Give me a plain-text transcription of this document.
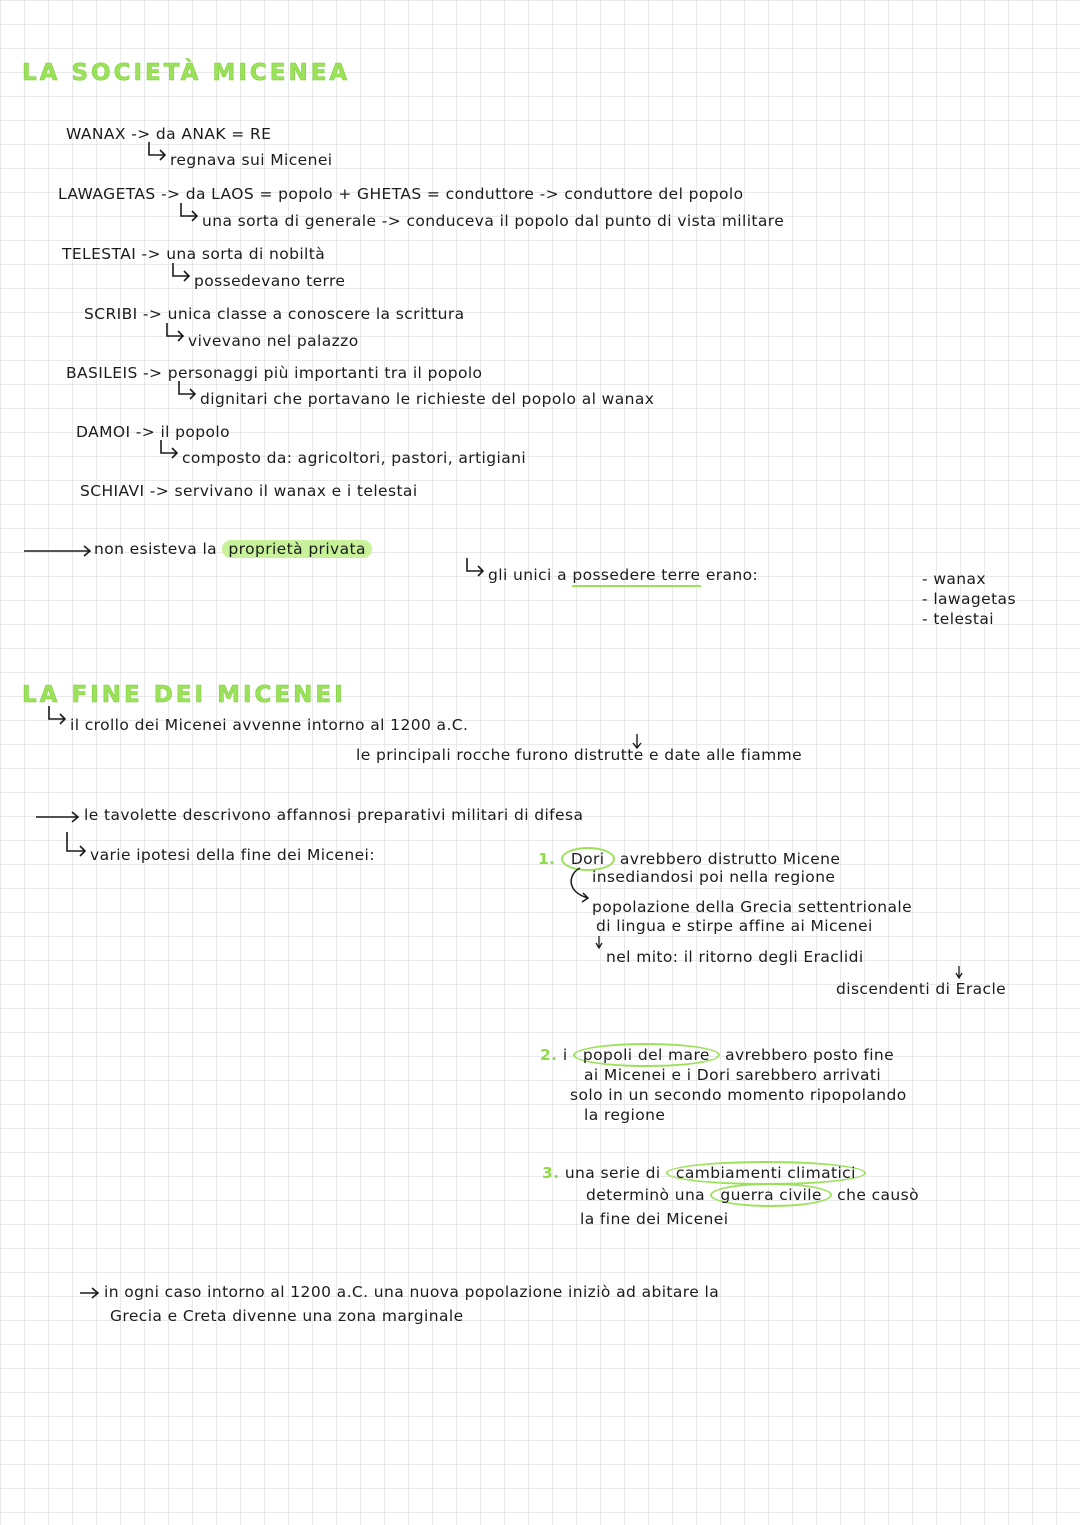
LA SOCIETÀ MICENEA
WANAX -> da ANAK = RE
regnava sui Micenei
LAWAGETAS -> da LAOS = popolo + GHETAS = conduttore -> conduttore del popolo
una sorta di generale -> conduceva il popolo dal punto di vista militare
TELESTAI -> una sorta di nobiltà
possedevano terre
SCRIBI -> unica classe a conoscere la scrittura
vivevano nel palazzo
BASILEIS -> personaggi più importanti tra il popolo
dignitari che portavano le richieste del popolo al wanax
DAMOI -> il popolo
composto da: agricoltori, pastori, artigiani
SCHIAVI -> servivano il wanax e i telestai
non esisteva la proprietà privata
gli unici a possedere terre erano:	- wanax
- lawagetas
- telestai
LA FINE DEI MICENEI
il crollo dei Micenei avvenne intorno al 1200 a.C.
le principali rocche furono distrutte e date alle fiamme
le tavolette descrivono affannosi preparativi militari di difesa
varie ipotesi della fine dei Micenei:	1. Dori avrebbero distrutto Micene
insediandosi poi nella regione
popolazione della Grecia settentrionale
di lingua e stirpe affine ai Micenei
nel mito: il ritorno degli Eraclidi
discendenti di Eracle
2. i popoli del mare avrebbero posto fine
ai Micenei e i Dori sarebbero arrivati
solo in un secondo momento ripopolando
la regione
3. una serie di cambiamenti climatici
determinò una guerra civile che causò
la fine dei Micenei
in ogni caso intorno al 1200 a.C. una nuova popolazione iniziò ad abitare la
Grecia e Creta divenne una zona marginale
